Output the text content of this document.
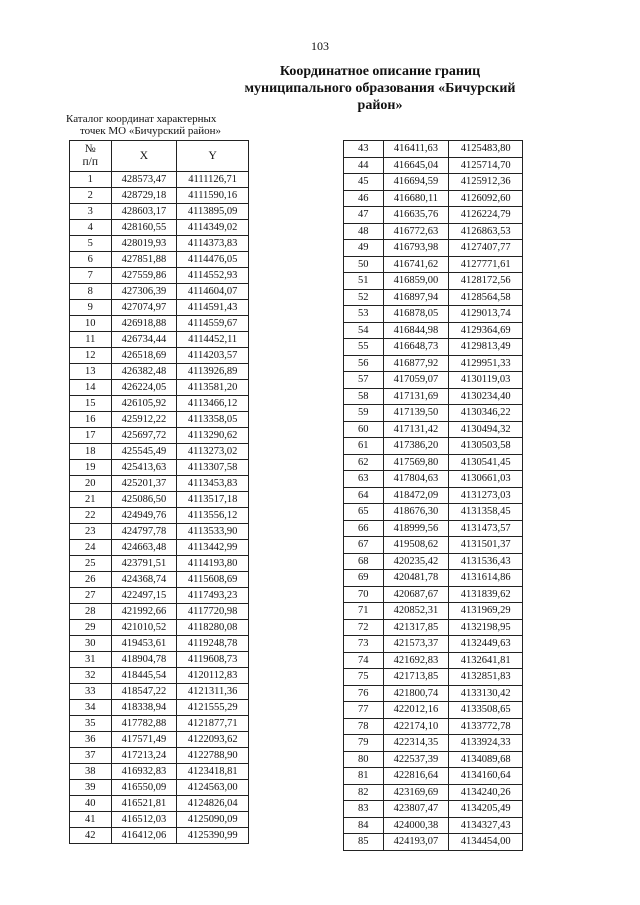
103
Координатное описание границ
муниципального образования «Бичурский район»
Каталог координат характерных
точек МО «Бичурский район»
№
п/п	X	Y
1	428573,47	4111126,71
2	428729,18	4111590,16
3	428603,17	4113895,09
4	428160,55	4114349,02
5	428019,93	4114373,83
6	427851,88	4114476,05
7	427559,86	4114552,93
8	427306,39	4114604,07
9	427074,97	4114591,43
10	426918,88	4114559,67
11	426734,44	4114452,11
12	426518,69	4114203,57
13	426382,48	4113926,89
14	426224,05	4113581,20
15	426105,92	4113466,12
16	425912,22	4113358,05
17	425697,72	4113290,62
18	425545,49	4113273,02
19	425413,63	4113307,58
20	425201,37	4113453,83
21	425086,50	4113517,18
22	424949,76	4113556,12
23	424797,78	4113533,90
24	424663,48	4113442,99
25	423791,51	4114193,80
26	424368,74	4115608,69
27	422497,15	4117493,23
28	421992,66	4117720,98
29	421010,52	4118280,08
30	419453,61	4119248,78
31	418904,78	4119608,73
32	418445,54	4120112,83
33	418547,22	4121311,36
34	418338,94	4121555,29
35	417782,88	4121877,71
36	417571,49	4122093,62
37	417213,24	4122788,90
38	416932,83	4123418,81
39	416550,09	4124563,00
40	416521,81	4124826,04
41	416512,03	4125090,09
42	416412,06	4125390,99
43	416411,63	4125483,80
44	416645,04	4125714,70
45	416694,59	4125912,36
46	416680,11	4126092,60
47	416635,76	4126224,79
48	416772,63	4126863,53
49	416793,98	4127407,77
50	416741,62	4127771,61
51	416859,00	4128172,56
52	416897,94	4128564,58
53	416878,05	4129013,74
54	416844,98	4129364,69
55	416648,73	4129813,49
56	416877,92	4129951,33
57	417059,07	4130119,03
58	417131,69	4130234,40
59	417139,50	4130346,22
60	417131,42	4130494,32
61	417386,20	4130503,58
62	417569,80	4130541,45
63	417804,63	4130661,03
64	418472,09	4131273,03
65	418676,30	4131358,45
66	418999,56	4131473,57
67	419508,62	4131501,37
68	420235,42	4131536,43
69	420481,78	4131614,86
70	420687,67	4131839,62
71	420852,31	4131969,29
72	421317,85	4132198,95
73	421573,37	4132449,63
74	421692,83	4132641,81
75	421713,85	4132851,83
76	421800,74	4133130,42
77	422012,16	4133508,65
78	422174,10	4133772,78
79	422314,35	4133924,33
80	422537,39	4134089,68
81	422816,64	4134160,64
82	423169,69	4134240,26
83	423807,47	4134205,49
84	424000,38	4134327,43
85	424193,07	4134454,00
